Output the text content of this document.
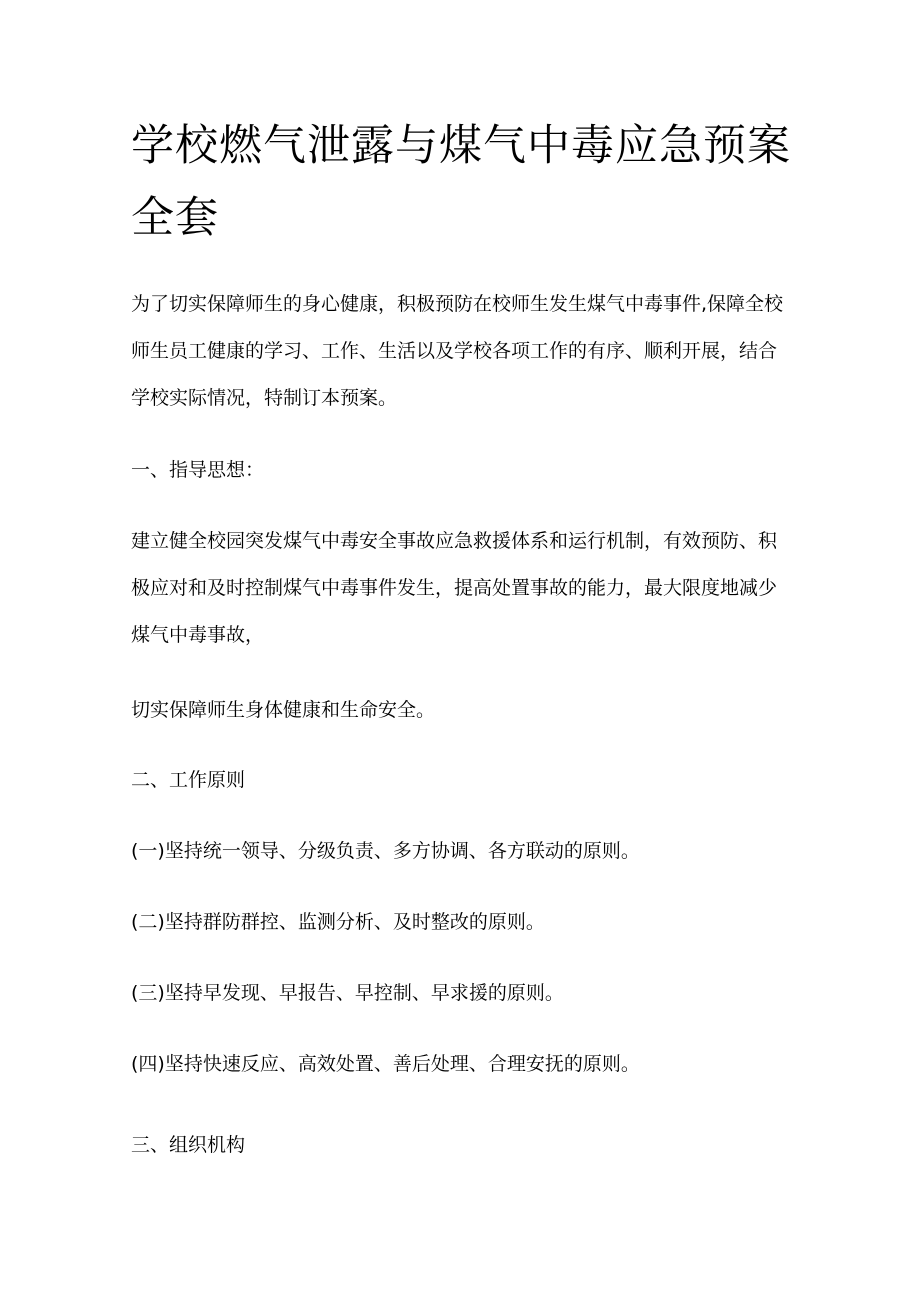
学校燃气泄露与煤气中毒应急预案全套

为了切实保障师生的身心健康，积极预防在校师生发生煤气中毒事件,保障全校师生员工健康的学习、工作、生活以及学校各项工作的有序、顺利开展，结合学校实际情况，特制订本预案。

一、指导思想：

建立健全校园突发煤气中毒安全事故应急救援体系和运行机制，有效预防、积极应对和及时控制煤气中毒事件发生，提高处置事故的能力，最大限度地减少煤气中毒事故，

切实保障师生身体健康和生命安全。

二、工作原则

(一)坚持统一领导、分级负责、多方协调、各方联动的原则。

(二)坚持群防群控、监测分析、及时整改的原则。

(三)坚持早发现、早报告、早控制、早求援的原则。

(四)坚持快速反应、高效处置、善后处理、合理安抚的原则。

三、组织机构
